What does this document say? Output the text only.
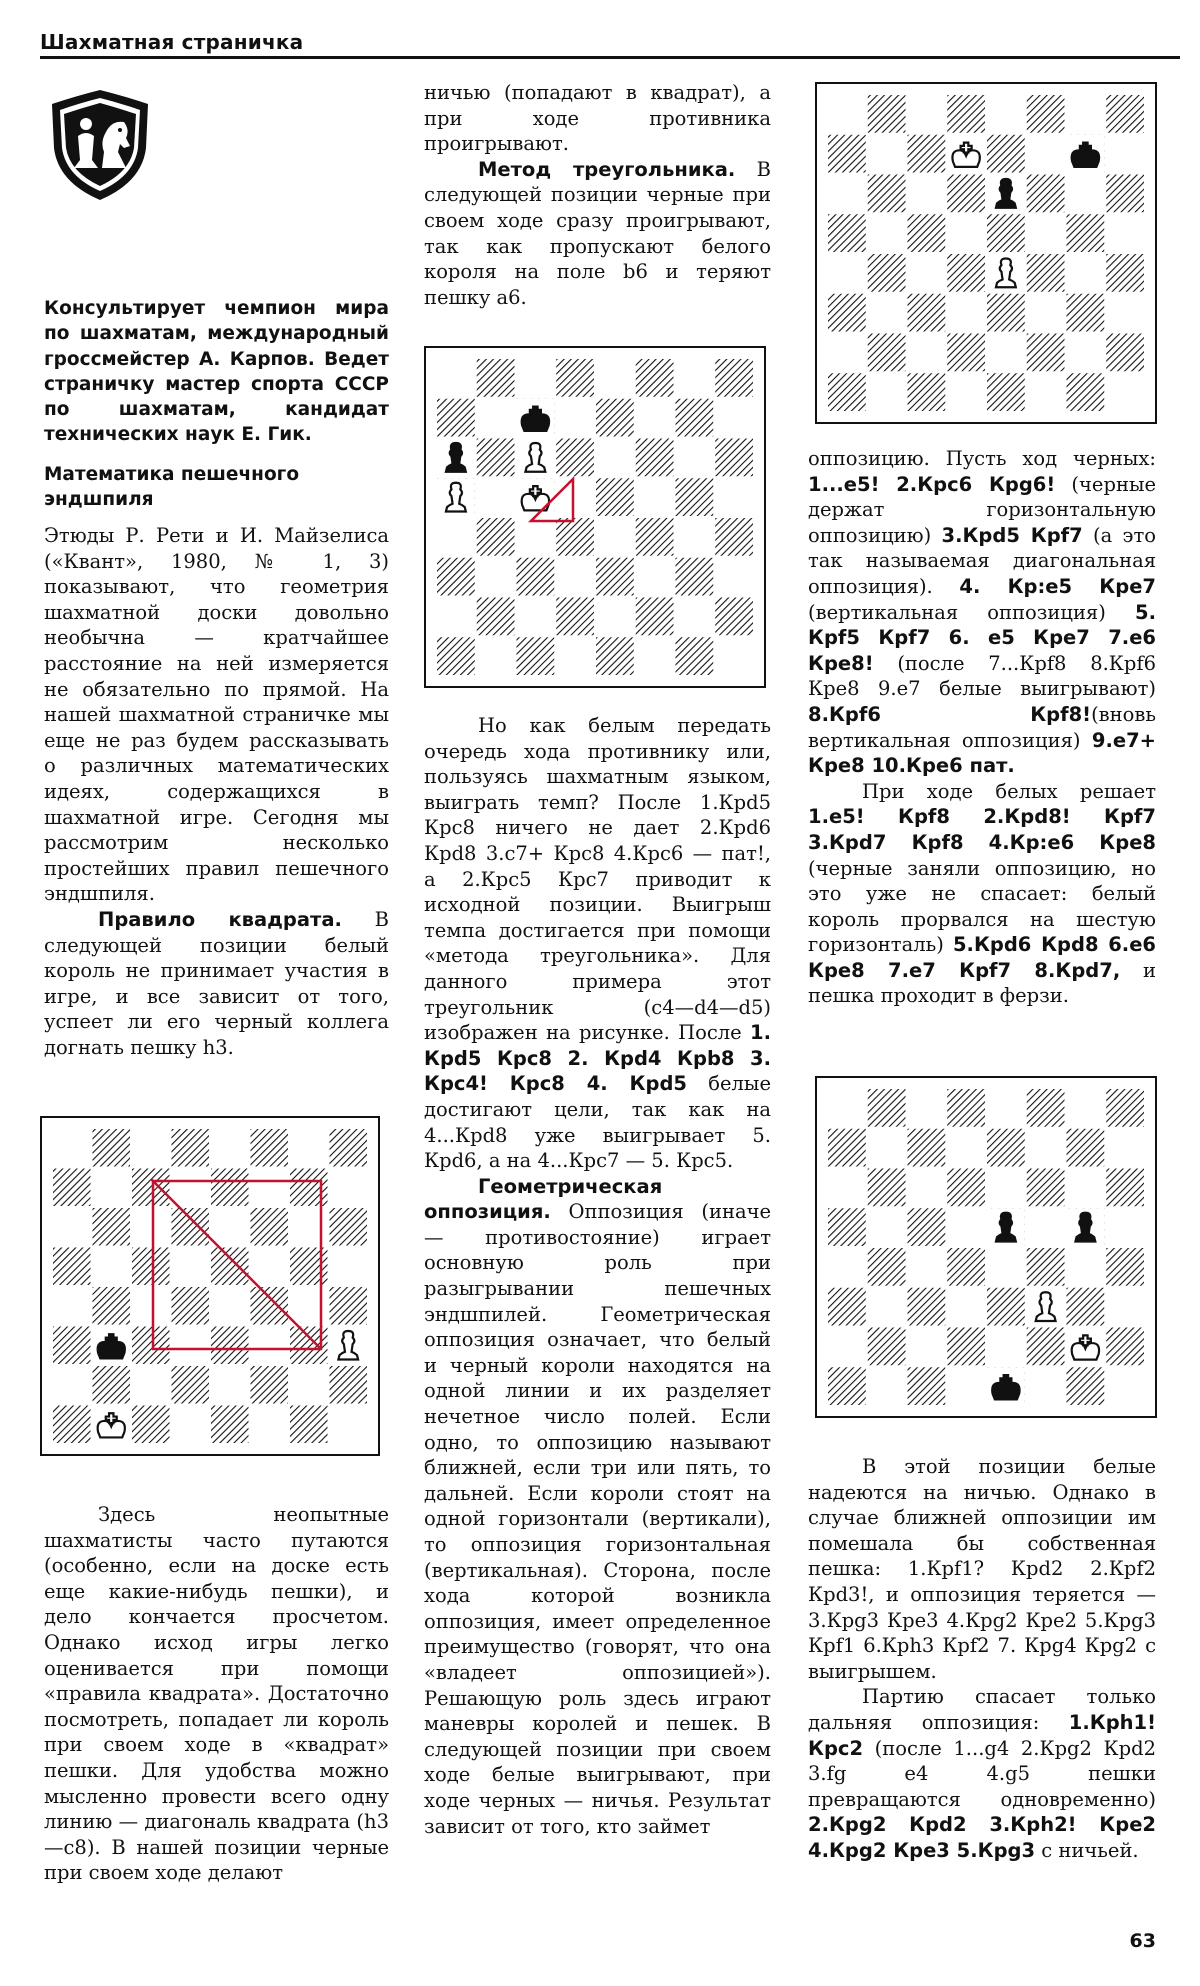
Шахматная страничка

Консультирует чемпион мира по шахматам, международный гроссмейстер А. Карпов. Ведет страничку мастер спорта СССР по шахматам, кандидат технических наук Е. Гик.

Математика пешечного эндшпиля

Этюды Р. Рети и И. Майзелиса («Квант», 1980, № 1, 3) показывают, что геометрия шахматной доски довольно необычна — кратчайшее расстояние на ней измеряется не обязательно по прямой. На нашей шахматной страничке мы еще не раз будем рассказывать о различных математических идеях, содержащихся в шахматной игре. Сегодня мы рассмотрим несколько простейших правил пешечного эндшпиля.

Правило квадрата. В следующей позиции белый король не принимает участия в игре, и все зависит от того, успеет ли его черный коллега догнать пешку h3.

Здесь неопытные шахматисты часто путаются (особенно, если на доске есть еще какие-нибудь пешки), и дело кончается просчетом. Однако исход игры легко оценивается при помощи «правила квадрата». Достаточно посмотреть, попадает ли король при своем ходе в «квадрат» пешки. Для удобства можно мысленно провести всего одну линию — диагональ квадрата (h3—c8). В нашей позиции черные при своем ходе делают

ничью (попадают в квадрат), а при ходе противника проигрывают.

Метод треугольника. В следующей позиции черные при своем ходе сразу проигрывают, так как пропускают белого короля на поле b6 и теряют пешку a6.

Но как белым передать очередь хода противнику или, пользуясь шахматным языком, выиграть темп? После 1.Крd5 Крc8 ничего не дает 2.Крd6 Крd8 3.c7+ Крc8 4.Крc6 — пат!, а 2.Крc5 Крc7 приводит к исходной позиции. Выигрыш темпа достигается при помощи «метода треугольника». Для данного примера этот треугольник (c4—d4—d5) изображен на рисунке. После 1. Крd5 Крc8 2. Крd4 Крb8 3. Крc4! Крc8 4. Крd5 белые достигают цели, так как на 4...Крd8 уже выигрывает 5. Крd6, а на 4...Крc7 — 5. Крc5.

Геометрическая оппозиция. Оппозиция (иначе — противостояние) играет основную роль при разыгрывании пешечных эндшпилей. Геометрическая оппозиция означает, что белый и черный короли находятся на одной линии и их разделяет нечетное число полей. Если одно, то оппозицию называют ближней, если три или пять, то дальней. Если короли стоят на одной горизонтали (вертикали), то оппозиция горизонтальная (вертикальная). Сторона, после хода которой возникла оппозиция, имеет определенное преимущество (говорят, что она «владеет оппозицией»). Решающую роль здесь играют маневры королей и пешек. В следующей позиции при своем ходе белые выигрывают, при ходе черных — ничья. Результат зависит от того, кто займет

оппозицию. Пусть ход черных: 1...e5! 2.Крc6 Крg6! (черные держат горизонтальную оппозицию) 3.Крd5 Крf7 (а это так называемая диагональная оппозиция). 4. Кр:e5 Крe7 (вертикальная оппозиция) 5. Крf5 Крf7 6. e5 Крe7 7.e6 Крe8! (после 7...Крf8 8.Крf6 Крe8 9.e7 белые выигрывают) 8.Крf6 Крf8!(вновь вертикальная оппозиция) 9.e7+ Крe8 10.Крe6 пат.

При ходе белых решает 1.e5! Крf8 2.Крd8! Крf7 3.Крd7 Крf8 4.Кр:e6 Крe8 (черные заняли оппозицию, но это уже не спасает: белый король прорвался на шестую горизонталь) 5.Крd6 Крd8 6.e6 Крe8 7.e7 Крf7 8.Крd7, и пешка проходит в ферзи.

В этой позиции белые надеются на ничью. Однако в случае ближней оппозиции им помешала бы собственная пешка: 1.Крf1? Крd2 2.Крf2 Крd3!, и оппозиция теряется — 3.Крg3 Крe3 4.Крg2 Крe2 5.Крg3 Крf1 6.Крh3 Крf2 7. Крg4 Крg2 с выигрышем.

Партию спасает только дальняя оппозиция: 1.Крh1! Крc2 (после 1...g4 2.Крg2 Крd2 3.fg e4 4.g5 пешки превращаются одновременно) 2.Крg2 Крd2 3.Крh2! Крe2 4.Крg2 Крe3 5.Крg3 с ничьей.

63
